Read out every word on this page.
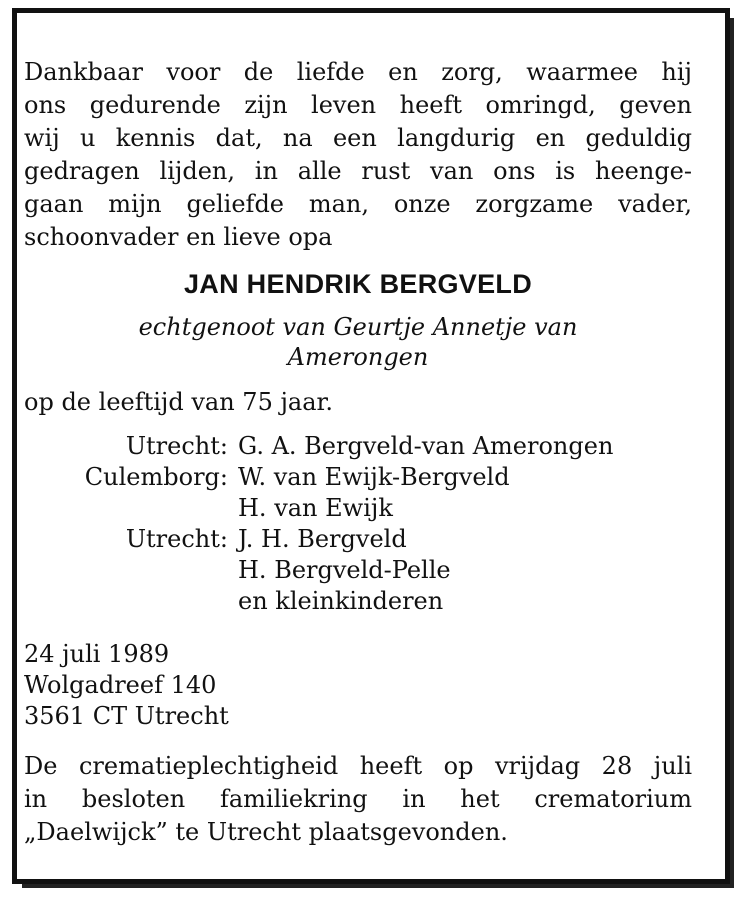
Dankbaar voor de liefde en zorg, waarmee hij

ons gedurende zijn leven heeft omringd, geven

wij u kennis dat, na een langdurig en geduldig

gedragen lijden, in alle rust van ons is heenge-

gaan mijn geliefde man, onze zorgzame vader,

schoonvader en lieve opa

JAN HENDRIK BERGVELD
echtgenoot van Geurtje Annetje van
Amerongen
op de leeftijd van 75 jaar.
Utrecht: G. A. Bergveld-van Amerongen
Culemborg: W. van Ewijk-Bergveld
H. van Ewijk
Utrecht: J. H. Bergveld
H. Bergveld-Pelle
en kleinkinderen
24 juli 1989
Wolgadreef 140
3561 CT Utrecht

De crematieplechtigheid heeft op vrijdag 28 juli

in besloten familiekring in het crematorium

„Daelwijck” te Utrecht plaatsgevonden.
